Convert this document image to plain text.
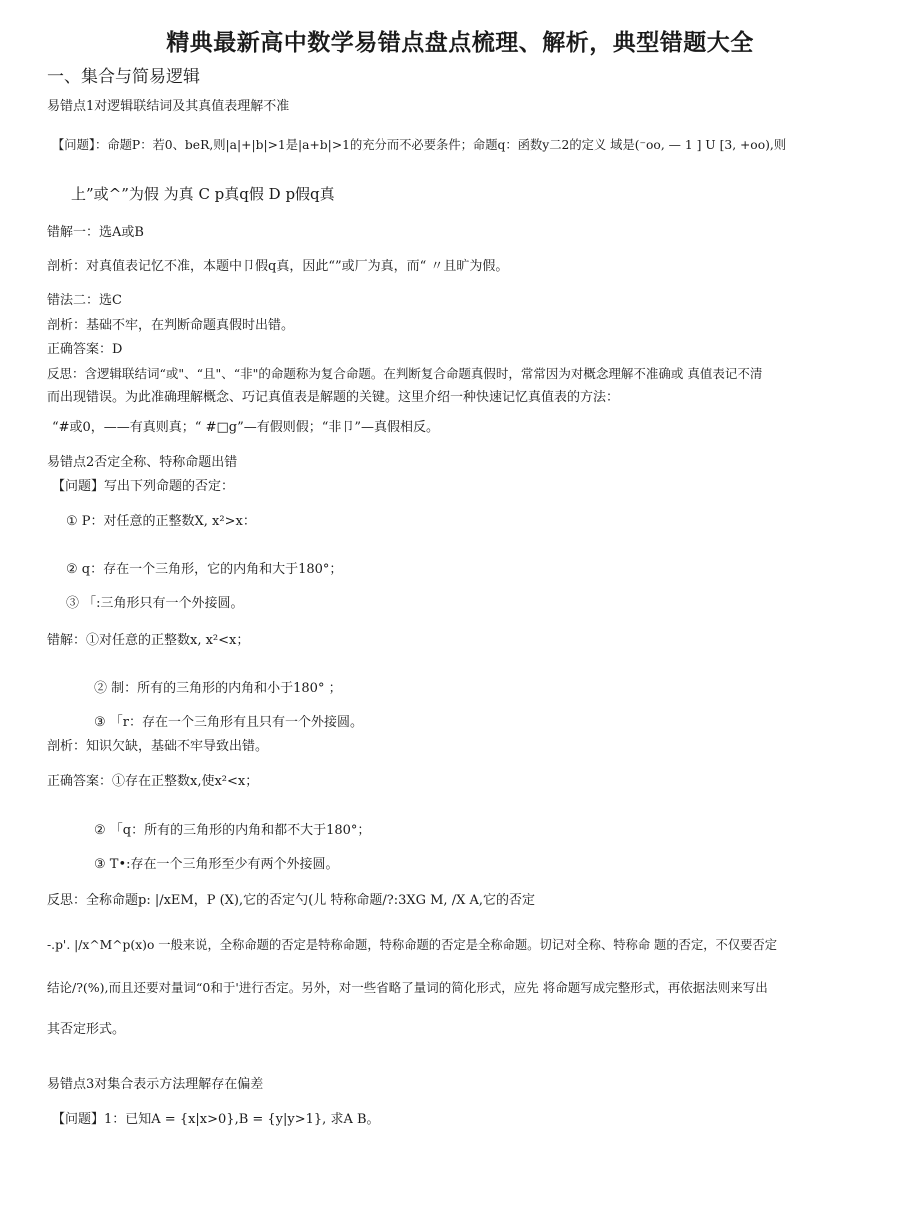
精典最新高中数学易错点盘点梳理、解析，典型错题大全
一、集合与简易逻辑
易错点1对逻辑联结词及其真值表理解不准
【问题】：命题P：若0、beR,则|a|+|b|>1是|a+b|>1的充分而不必要条件；命题q：函数y二2的定义 域是(⁻oo, — 1 ] U [3, +oo),则
上”或^”为假 为真 C p真q假 D p假q真
错解一：选A或B
剖析：对真值表记忆不准，本题中卩假q真，因此“”或厂为真，而“ 〃且旷为假。
错法二：选C
剖析：基础不牢，在判断命题真假时出错。
正确答案：D
反思：含逻辑联结词“或"、“且"、“非"的命题称为复合命题。在判断复合命题真假时，常常因为对概念理解不准确或 真值表记不清
而出现错误。为此准确理解概念、巧记真值表是解题的关键。这里介绍一种快速记忆真值表的方法：
“#或0，——有真则真；“ #□g”—有假则假；“非卩”—真假相反。
易错点2否定全称、特称命题出错
【问题】写出下列命题的否定：
① P：对任意的正整数X, x²>x：
② q：存在一个三角形，它的内角和大于180°；
③ 「:三角形只有一个外接圆。
错解：①对任意的正整数x, x²<x；
② 制：所有的三角形的内角和小于180° ；
③ 「r：存在一个三角形有且只有一个外接圆。
剖析：知识欠缺，基础不牢导致出错。
正确答案：①存在正整数x,使x²<x；
② 「q：所有的三角形的内角和都不大于180°；
③ T•:存在一个三角形至少有两个外接圆。
反思：全称命题p: |/xEM，P (X),它的否定勺(儿 特称命题/?:3XG M, /X A,它的否定
-.p'. |/x^M^p(x)o 一般来说，全称命题的否定是特称命题，特称命题的否定是全称命题。切记对全称、特称命 题的否定，不仅要否定
结论/?(%),而且还要对量词“0和于'进行否定。另外，对一些省略了量词的简化形式，应先 将命题写成完整形式，再依据法则来写出
其否定形式。
易错点3对集合表示方法理解存在偏差
【问题】1：已知A = {x|x>0},B = {y|y>1}, 求A B。
